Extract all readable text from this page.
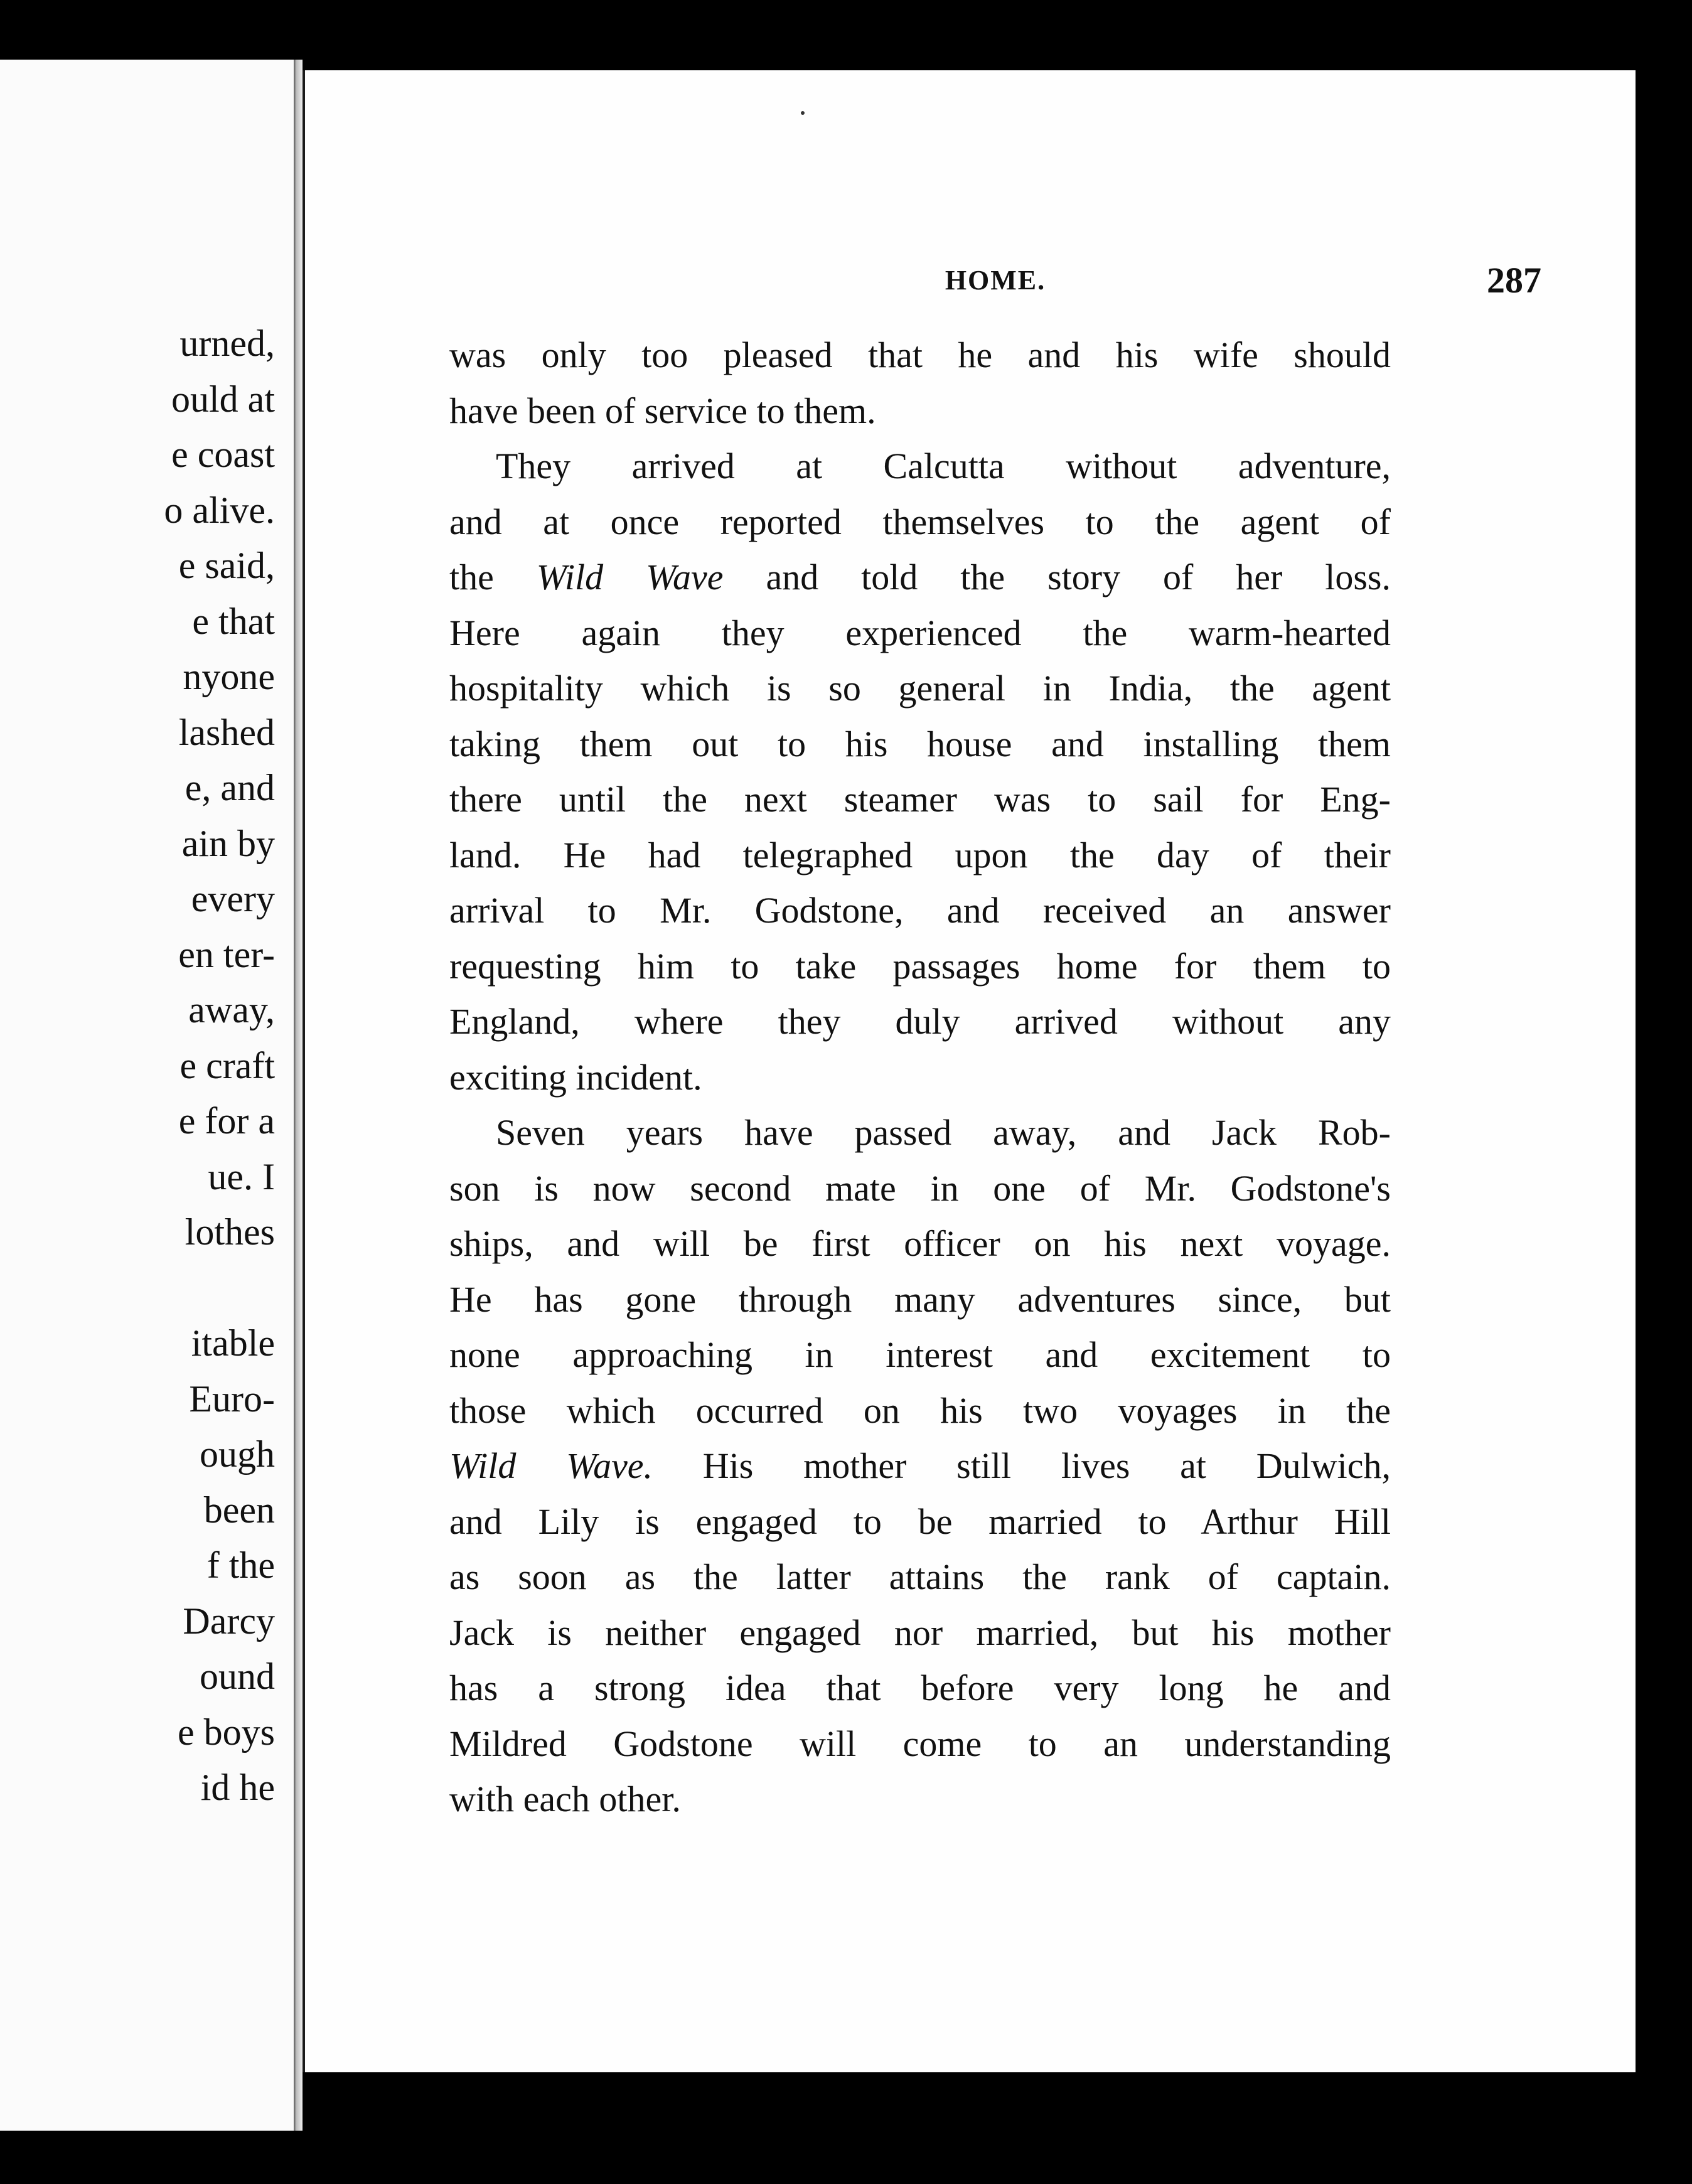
urned,
ould at
e coast
o alive.
e said,
e that
nyone
lashed
e, and
ain by
every
en ter-
away,
e craft
e for a
ue. I
lothes
itable
Euro-
ough
been
f the
Darcy
ound
e boys
id he
HOME.	287
was only too pleased that he and his wife should
have been of service to them.
They arrived at Calcutta without adventure,
and at once reported themselves to the agent of
the Wild Wave and told the story of her loss.
Here again they experienced the warm-hearted
hospitality which is so general in India, the agent
taking them out to his house and installing them
there until the next steamer was to sail for Eng-
land. He had telegraphed upon the day of their
arrival to Mr. Godstone, and received an answer
requesting him to take passages home for them to
England, where they duly arrived without any
exciting incident.
Seven years have passed away, and Jack Rob-
son is now second mate in one of Mr. Godstone's
ships, and will be first officer on his next voyage.
He has gone through many adventures since, but
none approaching in interest and excitement to
those which occurred on his two voyages in the
Wild Wave. His mother still lives at Dulwich,
and Lily is engaged to be married to Arthur Hill
as soon as the latter attains the rank of captain.
Jack is neither engaged nor married, but his mother
has a strong idea that before very long he and
Mildred Godstone will come to an understanding
with each other.
